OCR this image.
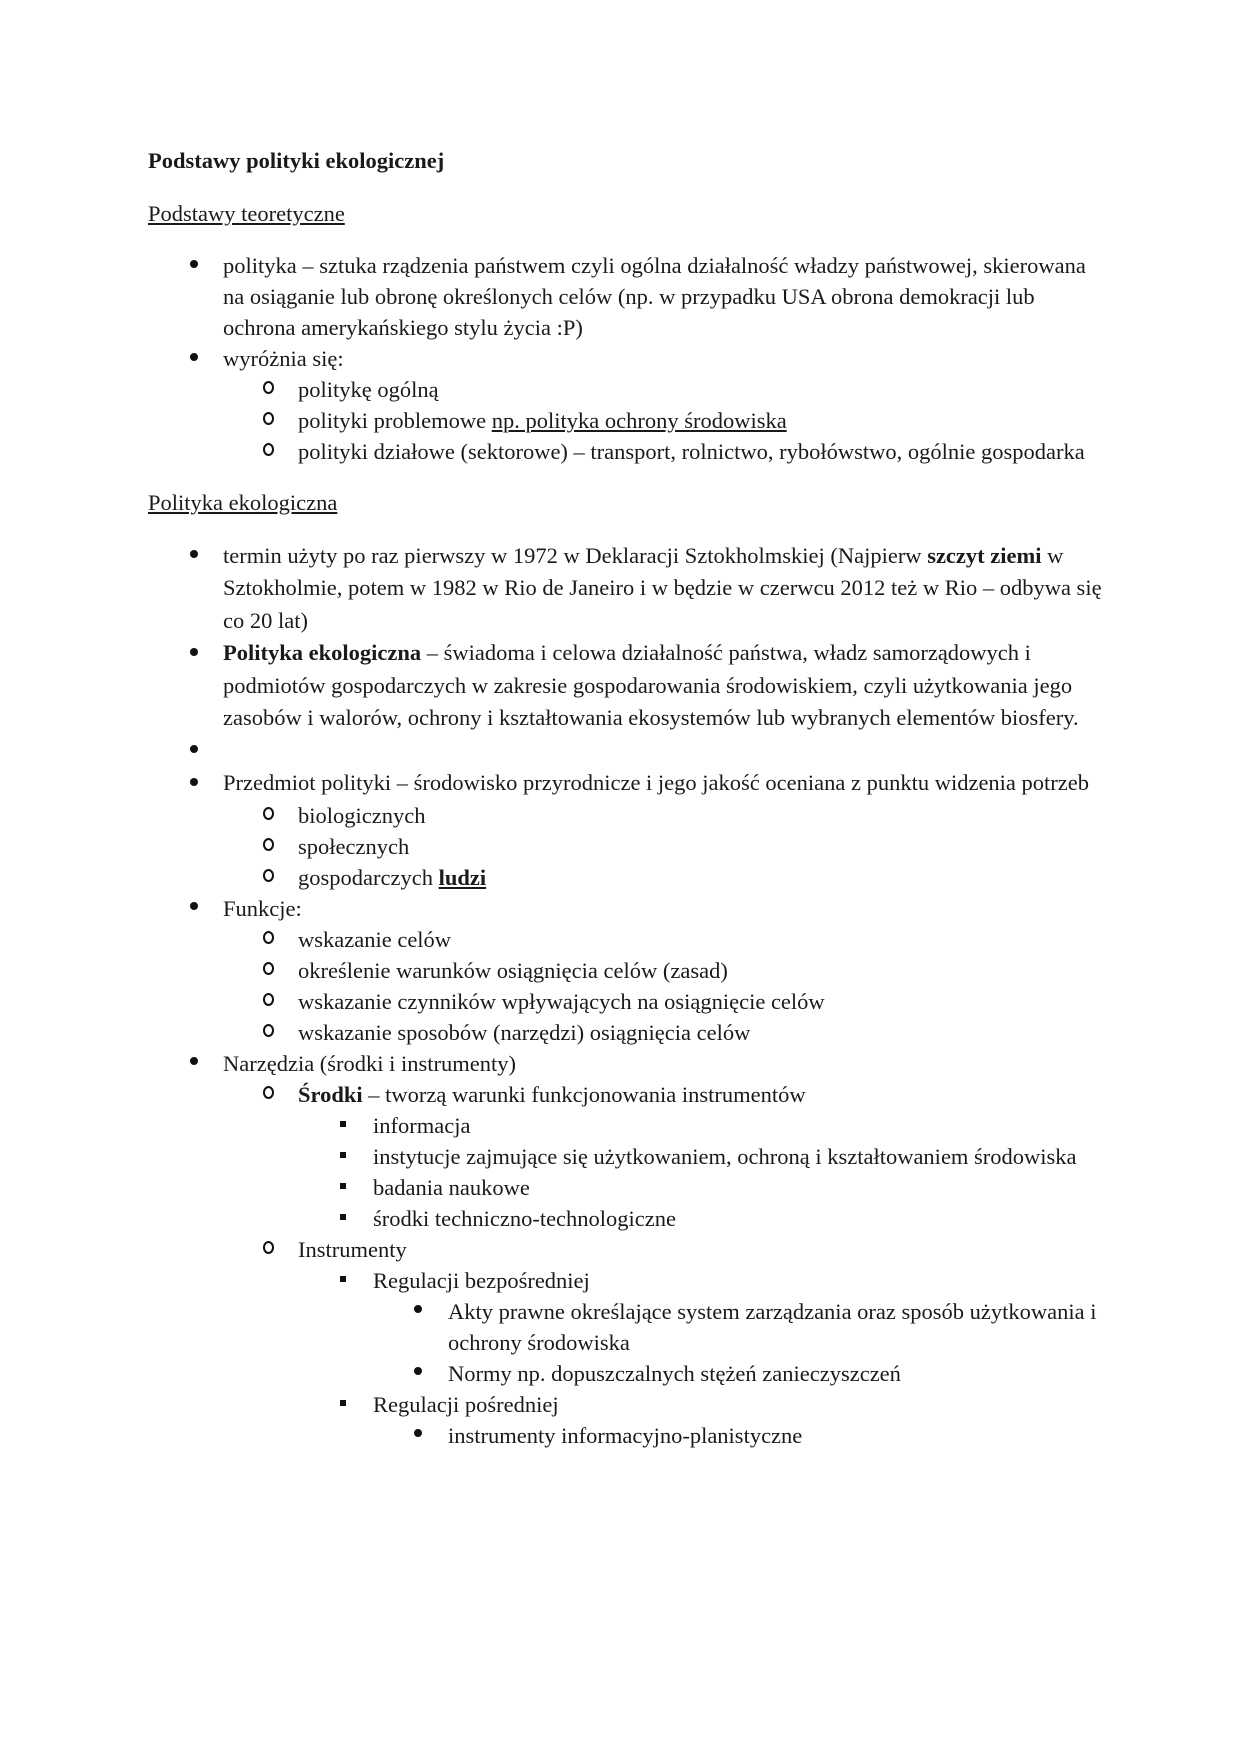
Podstawy polityki ekologicznej
Podstawy teoretyczne
polityka – sztuka rządzenia państwem czyli ogólna działalność władzy państwowej, skierowana na osiąganie lub obronę określonych celów (np. w przypadku USA obrona demokracji lub ochrona amerykańskiego stylu życia :P)
wyróżnia się:
politykę ogólną
polityki problemowe np. polityka ochrony środowiska
polityki działowe (sektorowe) – transport, rolnictwo, rybołówstwo, ogólnie gospodarka
Polityka ekologiczna
termin użyty po raz pierwszy w 1972 w Deklaracji Sztokholmskiej (Najpierw szczyt ziemi w Sztokholmie, potem w 1982 w Rio de Janeiro i w będzie w czerwcu 2012 też w Rio – odbywa się co 20 lat)
Polityka ekologiczna – świadoma i celowa działalność państwa, władz samorządowych i podmiotów gospodarczych w zakresie gospodarowania środowiskiem, czyli użytkowania jego zasobów i walorów, ochrony i kształtowania ekosystemów lub wybranych elementów biosfery.

Przedmiot polityki – środowisko przyrodnicze i jego jakość oceniana z punktu widzenia potrzeb
biologicznych
społecznych
gospodarczych ludzi
Funkcje:
wskazanie celów
określenie warunków osiągnięcia celów (zasad)
wskazanie czynników wpływających na osiągnięcie celów
wskazanie sposobów (narzędzi) osiągnięcia celów
Narzędzia (środki i instrumenty)
Środki – tworzą warunki funkcjonowania instrumentów
informacja
instytucje zajmujące się użytkowaniem, ochroną i kształtowaniem środowiska
badania naukowe
środki techniczno-technologiczne
Instrumenty
Regulacji bezpośredniej
Akty prawne określające system zarządzania oraz sposób użytkowania i ochrony środowiska
Normy np. dopuszczalnych stężeń zanieczyszczeń
Regulacji pośredniej
instrumenty informacyjno-planistyczne
